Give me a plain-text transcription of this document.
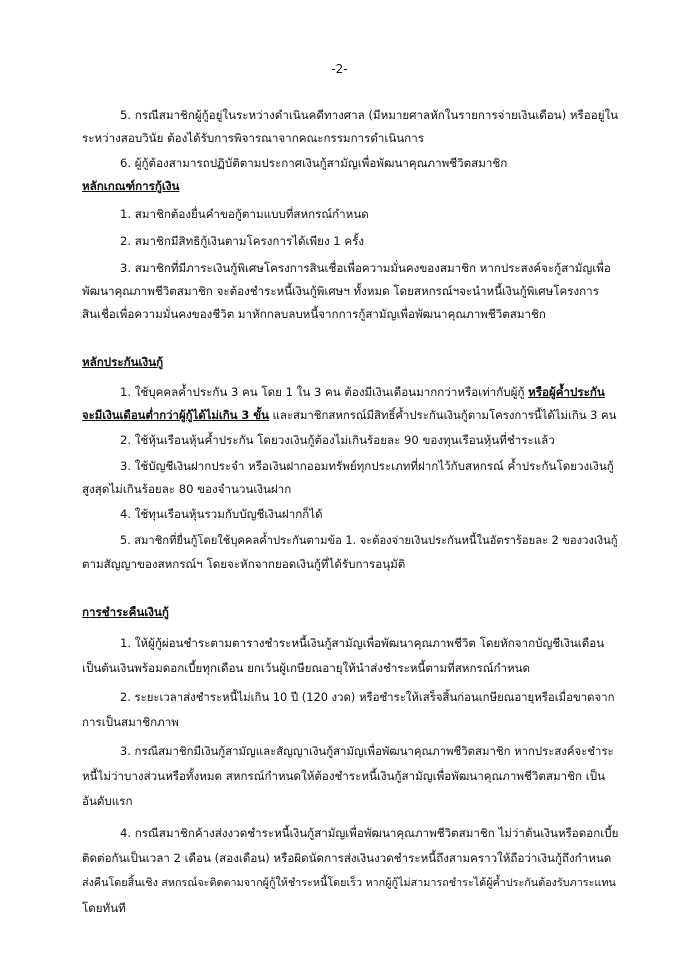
-2-
5. กรณีสมาชิกผู้กู้อยู่ในระหว่างดำเนินคดีทางศาล (มีหมายศาลหักในรายการจ่ายเงินเดือน) หรืออยู่ใน
ระหว่างสอบวินัย ต้องได้รับการพิจารณาจากคณะกรรมการดำเนินการ
6. ผู้กู้ต้องสามารถปฏิบัติตามประกาศเงินกู้สามัญเพื่อพัฒนาคุณภาพชีวิตสมาชิก
หลักเกณฑ์การกู้เงิน
1. สมาชิกต้องยื่นคำขอกู้ตามแบบที่สหกรณ์กำหนด
2. สมาชิกมีสิทธิกู้เงินตามโครงการได้เพียง 1 ครั้ง
3. สมาชิกที่มีภาระเงินกู้พิเศษโครงการสินเชื่อเพื่อความมั่นคงของสมาชิก หากประสงค์จะกู้สามัญเพื่อ
พัฒนาคุณภาพชีวิตสมาชิก จะต้องชำระหนี้เงินกู้พิเศษฯ ทั้งหมด โดยสหกรณ์ฯจะนำหนี้เงินกู้พิเศษโครงการ
สินเชื่อเพื่อความมั่นคงของชีวิต มาหักกลบลบหนี้จากการกู้สามัญเพื่อพัฒนาคุณภาพชีวิตสมาชิก
หลักประกันเงินกู้
1. ใช้บุคคลค้ำประกัน 3 คน โดย 1 ใน 3 คน ต้องมีเงินเดือนมากกว่าหรือเท่ากับผู้กู้ หรือผู้ค้ำประกัน
จะมีเงินเดือนต่ำกว่าผู้กู้ได้ไม่เกิน 3 ขั้น และสมาชิกสหกรณ์มีสิทธิ์ค้ำประกันเงินกู้ตามโครงการนี้ได้ไม่เกิน 3 คน
2. ใช้หุ้นเรือนหุ้นค้ำประกัน โดยวงเงินกู้ต้องไม่เกินร้อยละ 90 ของทุนเรือนหุ้นที่ชำระแล้ว
3. ใช้บัญชีเงินฝากประจำ หรือเงินฝากออมทรัพย์ทุกประเภทที่ฝากไว้กับสหกรณ์ ค้ำประกันโดยวงเงินกู้
สูงสุดไม่เกินร้อยละ 80 ของจำนวนเงินฝาก
4. ใช้ทุนเรือนหุ้นรวมกับบัญชีเงินฝากก็ได้
5. สมาชิกที่ยื่นกู้โดยใช้บุคคลค้ำประกันตามข้อ 1. จะต้องจ่ายเงินประกันหนี้ในอัตราร้อยละ 2 ของวงเงินกู้
ตามสัญญาของสหกรณ์ฯ โดยจะหักจากยอดเงินกู้ที่ได้รับการอนุมัติ
การชำระคืนเงินกู้
1. ให้ผู้กู้ผ่อนชำระตามตารางชำระหนี้เงินกู้สามัญเพื่อพัฒนาคุณภาพชีวิต โดยหักจากบัญชีเงินเดือน
เป็นต้นเงินพร้อมดอกเบี้ยทุกเดือน ยกเว้นผู้เกษียณอายุให้นำส่งชำระหนี้ตามที่สหกรณ์กำหนด
2. ระยะเวลาส่งชำระหนี้ไม่เกิน 10 ปี (120 งวด) หรือชำระให้เสร็จสิ้นก่อนเกษียณอายุหรือเมื่อขาดจาก
การเป็นสมาชิกภาพ
3. กรณีสมาชิกมีเงินกู้สามัญและสัญญาเงินกู้สามัญเพื่อพัฒนาคุณภาพชีวิตสมาชิก หากประสงค์จะชำระ
หนี้ไม่ว่าบางส่วนหรือทั้งหมด สหกรณ์กำหนดให้ต้องชำระหนี้เงินกู้สามัญเพื่อพัฒนาคุณภาพชีวิตสมาชิก เป็น
อันดับแรก
4. กรณีสมาชิกค้างส่งงวดชำระหนี้เงินกู้สามัญเพื่อพัฒนาคุณภาพชีวิตสมาชิก ไม่ว่าต้นเงินหรือดอกเบี้ย
ติดต่อกันเป็นเวลา 2 เดือน (สองเดือน) หรือผิดนัดการส่งเงินงวดชำระหนี้ถึงสามคราวให้ถือว่าเงินกู้ถึงกำหนด
ส่งคืนโดยสิ้นเชิง สหกรณ์จะติดตามจากผู้กู้ให้ชำระหนี้โดยเร็ว หากผู้กู้ไม่สามารถชำระได้ผู้ค้ำประกันต้องรับภาระแทน
โดยทันที
